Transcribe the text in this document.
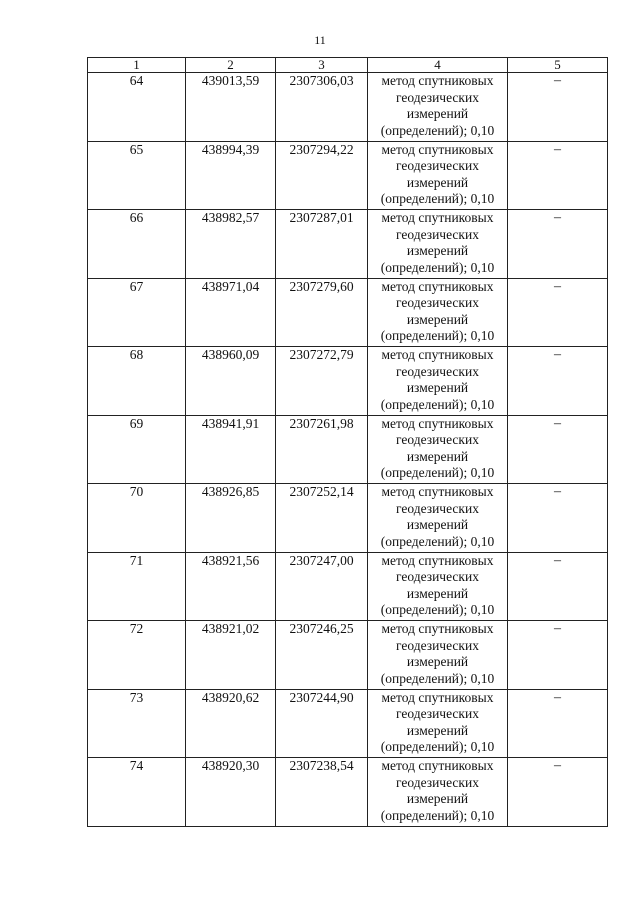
11
1	2	3	4	5
64	439013,59	2307306,03	метод спутниковых
геодезических
измерений
(определений); 0,10	–
65	438994,39	2307294,22	метод спутниковых
геодезических
измерений
(определений); 0,10	–
66	438982,57	2307287,01	метод спутниковых
геодезических
измерений
(определений); 0,10	–
67	438971,04	2307279,60	метод спутниковых
геодезических
измерений
(определений); 0,10	–
68	438960,09	2307272,79	метод спутниковых
геодезических
измерений
(определений); 0,10	–
69	438941,91	2307261,98	метод спутниковых
геодезических
измерений
(определений); 0,10	–
70	438926,85	2307252,14	метод спутниковых
геодезических
измерений
(определений); 0,10	–
71	438921,56	2307247,00	метод спутниковых
геодезических
измерений
(определений); 0,10	–
72	438921,02	2307246,25	метод спутниковых
геодезических
измерений
(определений); 0,10	–
73	438920,62	2307244,90	метод спутниковых
геодезических
измерений
(определений); 0,10	–
74	438920,30	2307238,54	метод спутниковых
геодезических
измерений
(определений); 0,10	–
